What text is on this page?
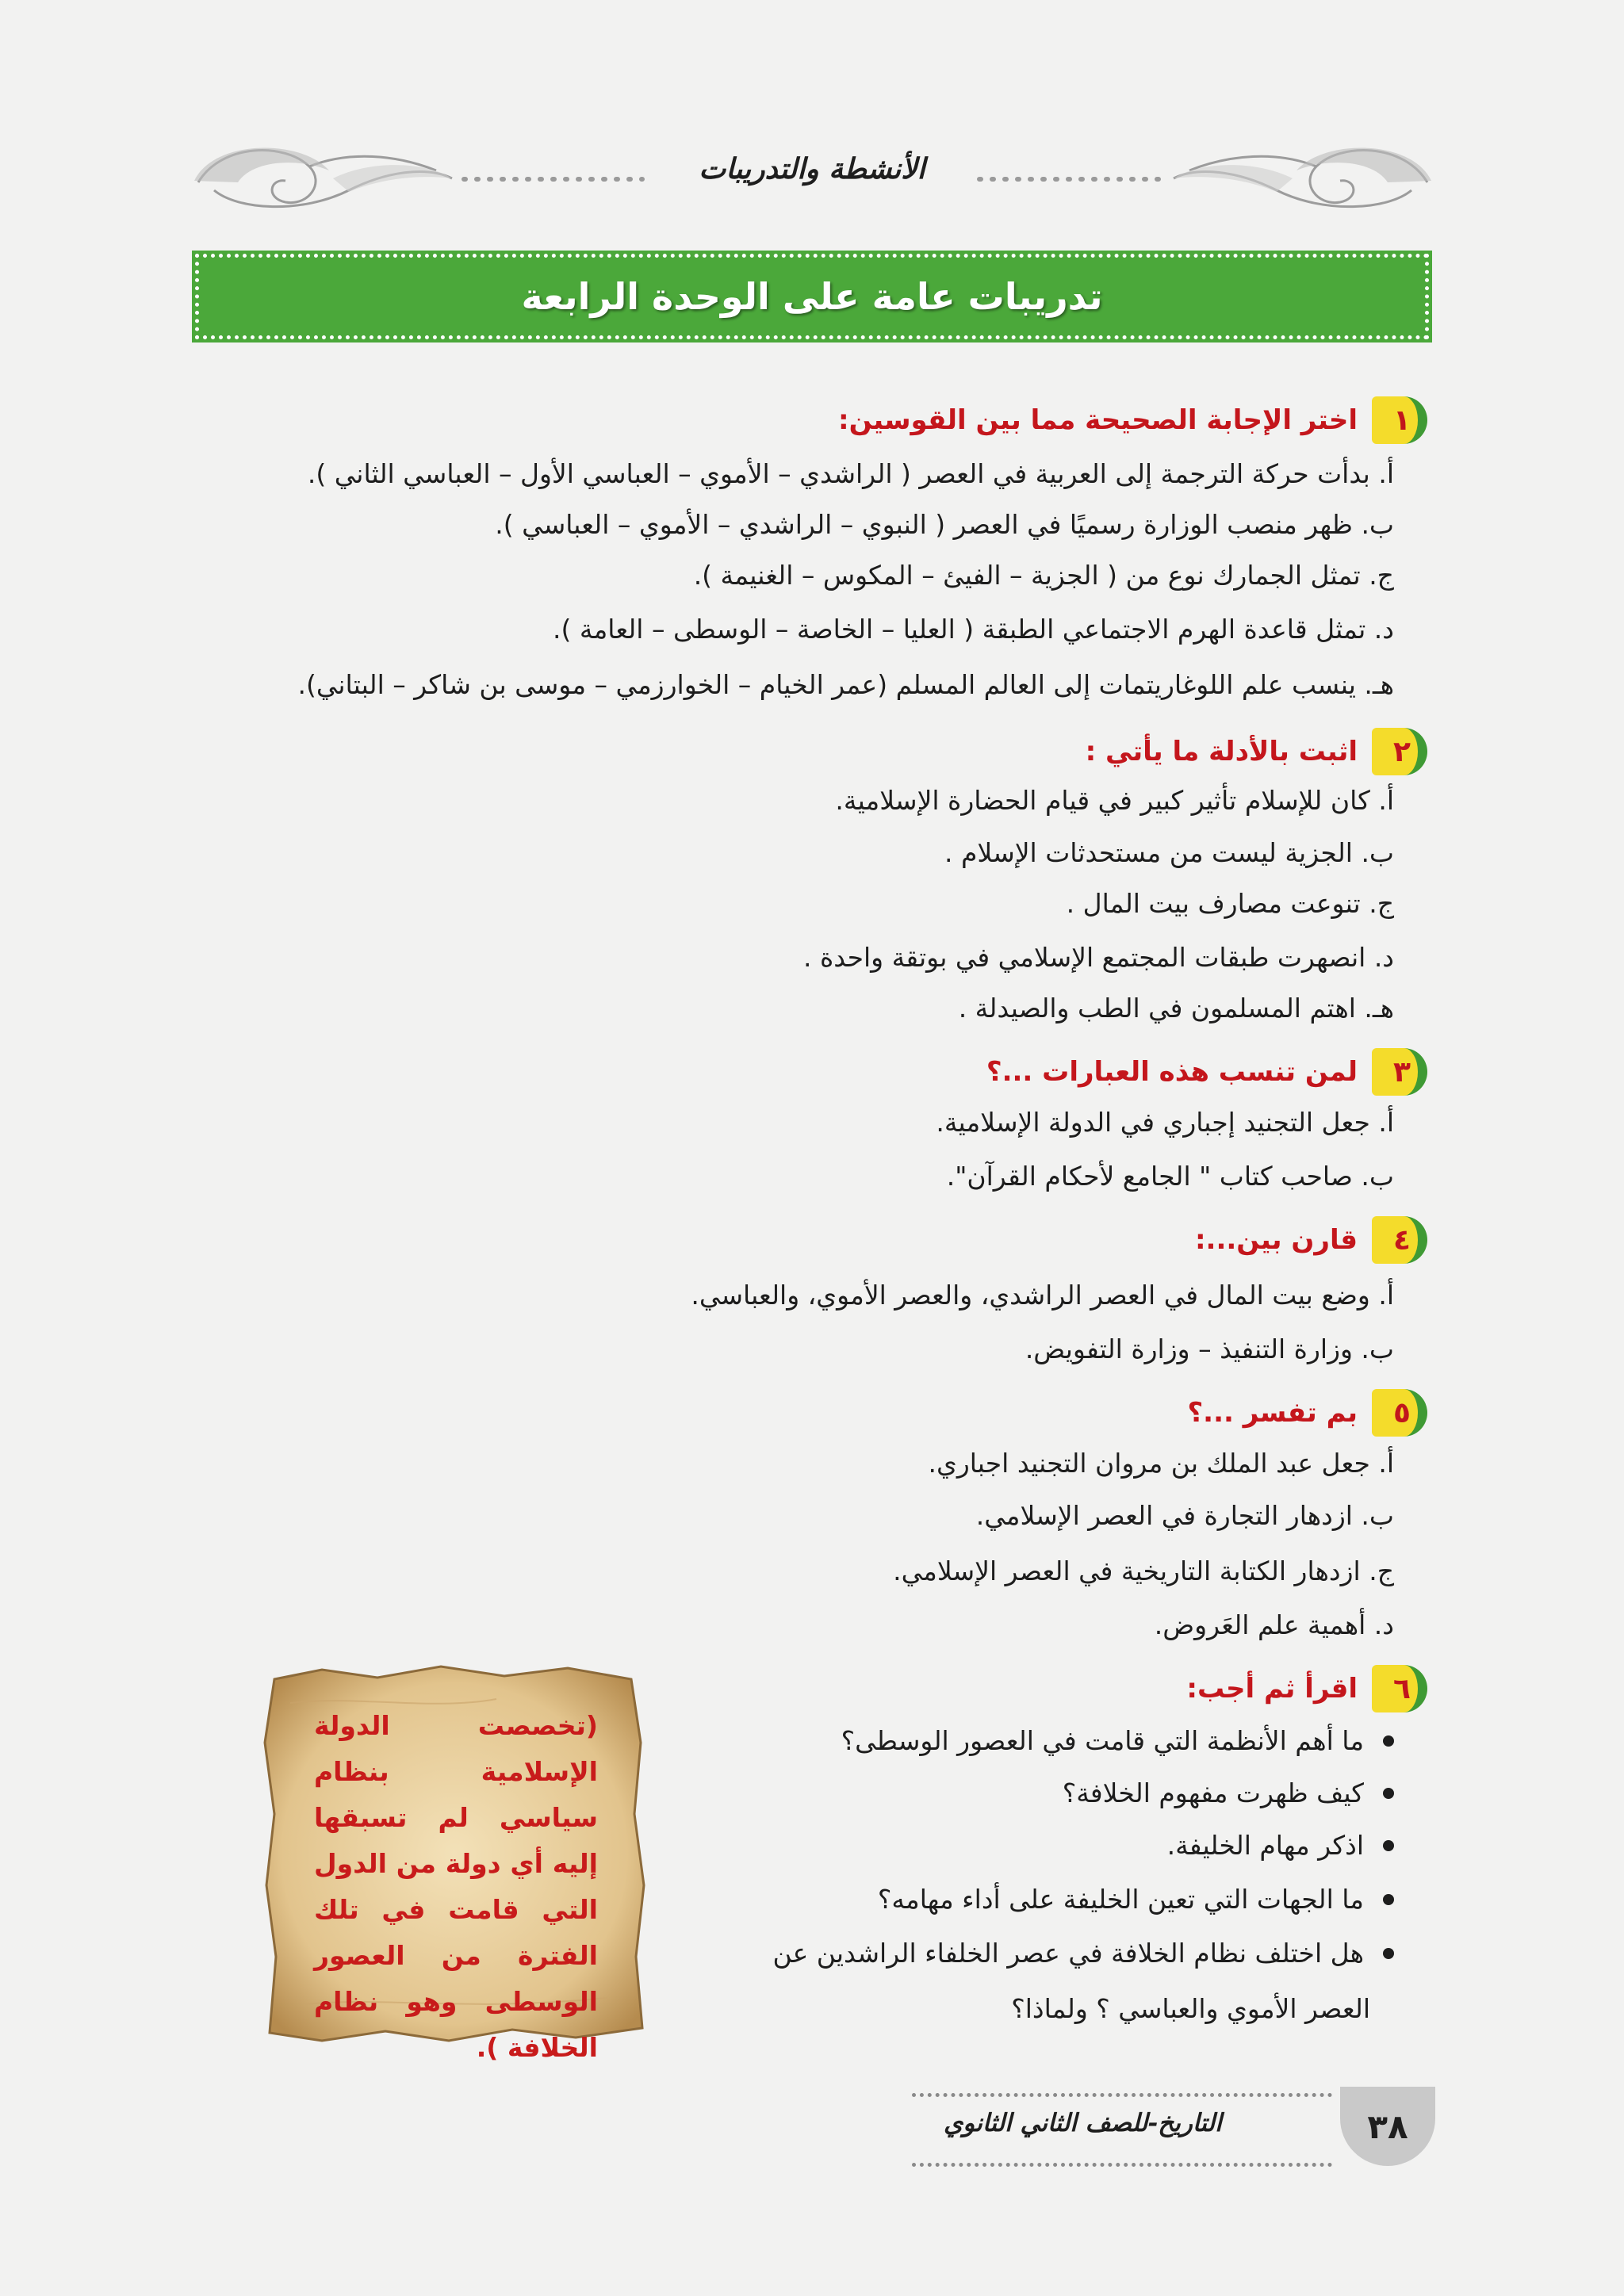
الأنشطة والتدريبات
تدريبات عامة على الوحدة الرابعة
١
اختر الإجابة الصحيحة مما بين القوسين:
أ. بدأت حركة الترجمة إلى العربية في العصر ( الراشدي – الأموي – العباسي الأول – العباسي الثاني ).
ب. ظهر منصب الوزارة رسميًا في العصر ( النبوي – الراشدي – الأموي – العباسي ).
ج. تمثل الجمارك نوع من ( الجزية – الفيئ – المكوس – الغنيمة ).
د. تمثل قاعدة الهرم الاجتماعي الطبقة ( العليا – الخاصة – الوسطى – العامة ).
هـ. ينسب علم اللوغاريتمات إلى العالم المسلم (عمر الخيام – الخوارزمي – موسى بن شاكر – البتاني).
٢
اثبت بالأدلة ما يأتي :
أ. كان للإسلام تأثير كبير في قيام الحضارة الإسلامية.
ب. الجزية ليست من مستحدثات الإسلام .
ج. تنوعت مصارف بيت المال .
د. انصهرت طبقات المجتمع الإسلامي في بوتقة واحدة .
هـ. اهتم المسلمون في الطب والصيدلة .
٣
لمن تنسب هذه العبارات ...؟
أ. جعل التجنيد إجباري في الدولة الإسلامية.
ب. صاحب كتاب " الجامع لأحكام القرآن".
٤
قارن بين...:
أ. وضع بيت المال في العصر الراشدي، والعصر الأموي، والعباسي.
ب. وزارة التنفيذ – وزارة التفويض.
٥
بم تفسر ...؟
أ. جعل عبد الملك بن مروان التجنيد اجباري.
ب. ازدهار التجارة في العصر الإسلامي.
ج. ازدهار الكتابة التاريخية في العصر الإسلامي.
د. أهمية علم العَروض.
٦
اقرأ ثم أجب:
ما أهم الأنظمة التي قامت في العصور الوسطى؟
كيف ظهرت مفهوم الخلافة؟
اذكر مهام الخليفة.
ما الجهات التي تعين الخليفة على أداء مهامه؟
هل اختلف نظام الخلافة في عصر الخلفاء الراشدين عن
العصر الأموي والعباسي ؟ ولماذا؟
(تخصصت الدولة الإسلامية بنظام سياسي لم تسبقها إليه أي دولة من الدول التي قامت في تلك الفترة من العصور الوسطى وهو نظام الخلافة ).
التاريخ-للصف الثاني الثانوي	٣٨
